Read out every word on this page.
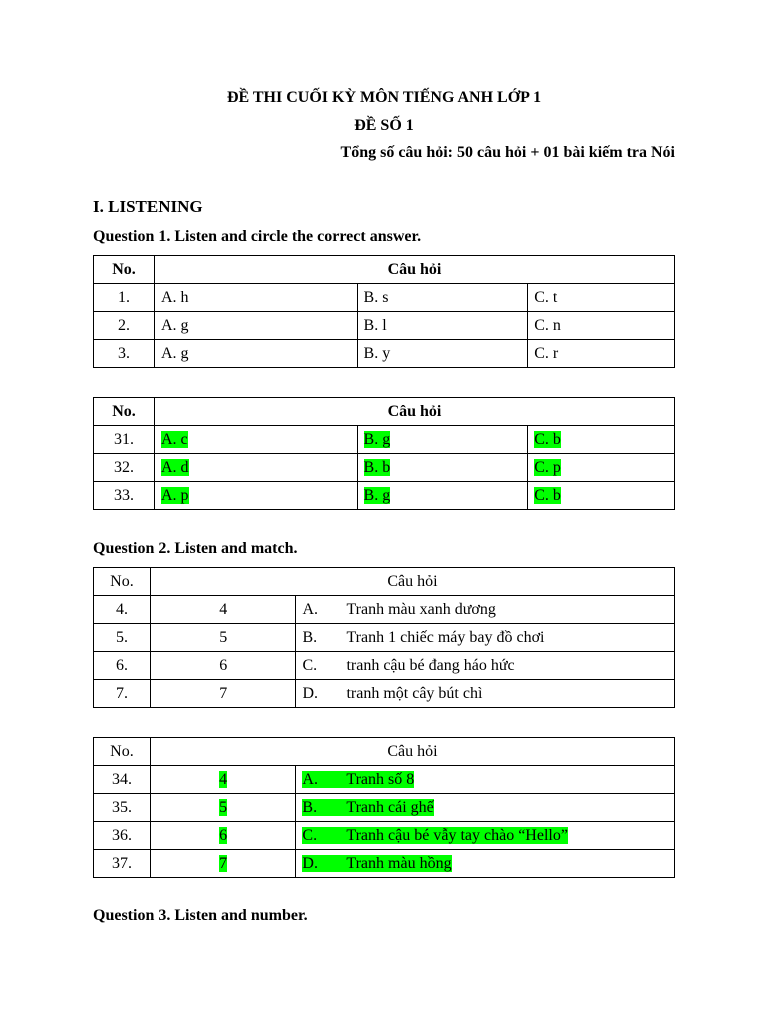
ĐỀ THI CUỐI KỲ MÔN TIẾNG ANH LỚP 1
ĐỀ SỐ 1
Tổng số câu hỏi: 50 câu hỏi + 01 bài kiếm tra Nói
I. LISTENING
Question 1. Listen and circle the correct answer.
No.	Câu hỏi		
1.	A. h	B. s	C. t
2.	A. g	B. l	C. n
3.	A. g	B. y	C. r
No.	Câu hỏi		
31.	A. c	B. g	C. b
32.	A. d	B. b	C. p
33.	A. p	B. g	C. b
Question 2. Listen and match.
No.	Câu hỏi	
4.	4	A. Tranh màu xanh dương
5.	5	B. Tranh 1 chiếc máy bay đồ chơi
6.	6	C. tranh cậu bé đang háo hức
7.	7	D. tranh một cây bút chì
No.	Câu hỏi	
34.	4	A. Tranh số 8
35.	5	B. Tranh cái ghế
36.	6	C. Tranh cậu bé vẫy tay chào “Hello”
37.	7	D. Tranh màu hồng
Question 3. Listen and number.
